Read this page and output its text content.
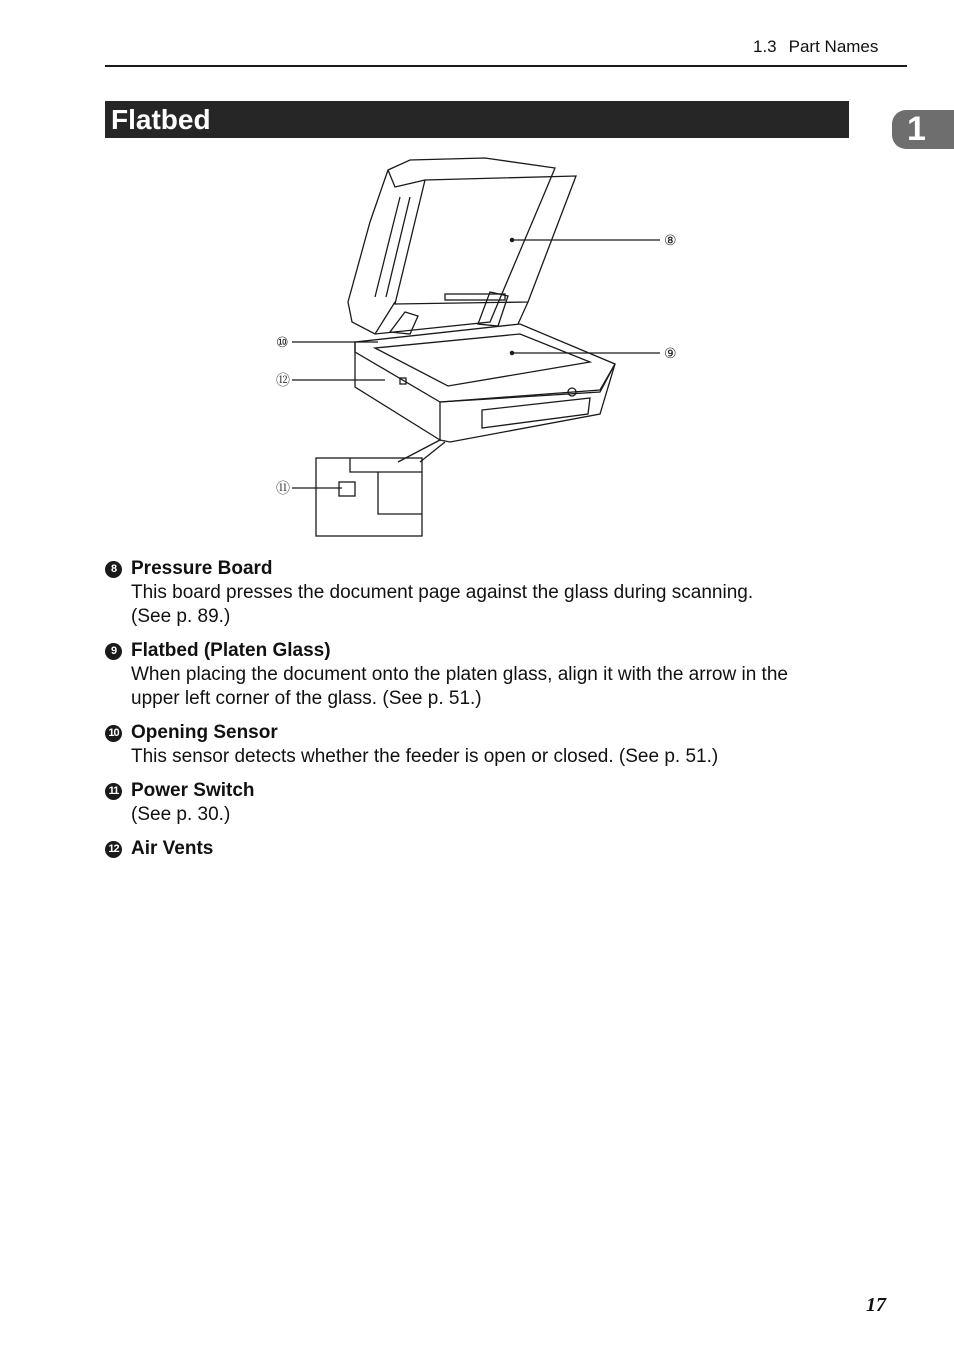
1.3 Part Names
Flatbed	1
⑧
⑨
⑩
⑫
⑪
8 Pressure Board
This board presses the document page against the glass during scanning.
(See p. 89.)
9 Flatbed (Platen Glass)
When placing the document onto the platen glass, align it with the arrow in the
upper left corner of the glass. (See p. 51.)
10 Opening Sensor
This sensor detects whether the feeder is open or closed. (See p. 51.)
11 Power Switch
(See p. 30.)
12 Air Vents
17
